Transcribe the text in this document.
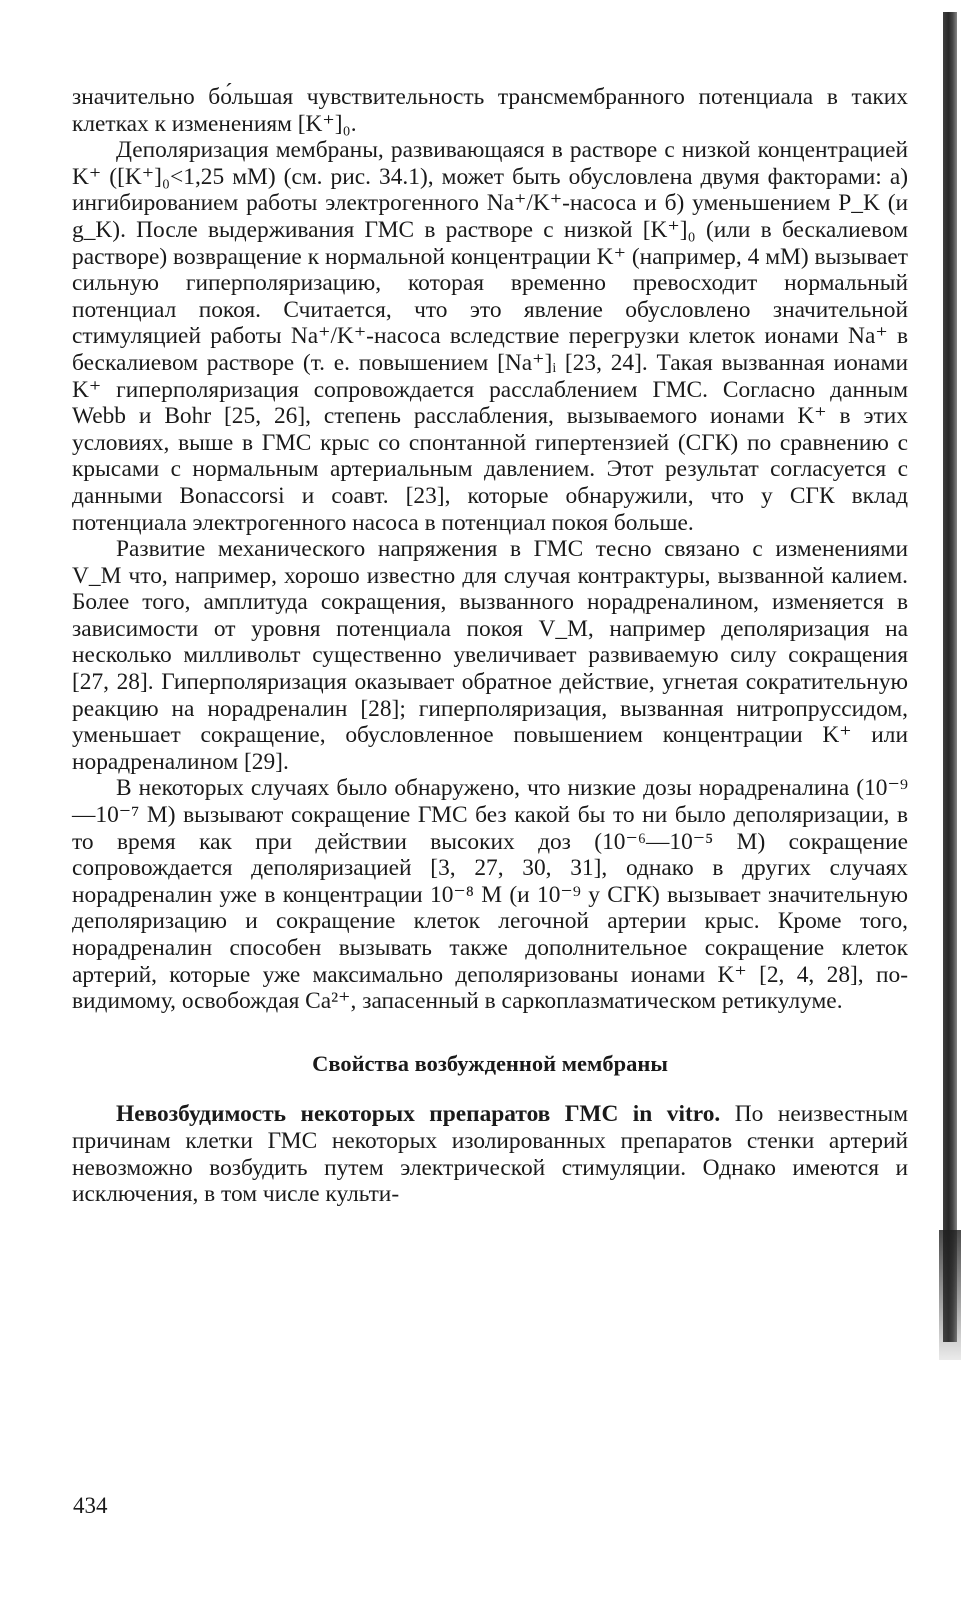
значительно бо́льшая чувствительность трансмембранного потенциала в таких клетках к изменениям [K⁺]₀.

Деполяризация мембраны, развивающаяся в растворе с низкой концентрацией K⁺ ([K⁺]₀<1,25 мМ) (см. рис. 34.1), может быть обусловлена двумя факторами: а) ингибированием работы электрогенного Na⁺/K⁺-насоса и б) уменьшением P_K (и g_K). После выдерживания ГМС в растворе с низкой [K⁺]₀ (или в бескалиевом растворе) возвращение к нормальной концентрации K⁺ (например, 4 мМ) вызывает сильную гиперполяризацию, которая временно превосходит нормальный потенциал покоя. Считается, что это явление обусловлено значительной стимуляцией работы Na⁺/K⁺-насоса вследствие перегрузки клеток ионами Na⁺ в бескалиевом растворе (т. е. повышением [Na⁺]ᵢ [23, 24]. Такая вызванная ионами K⁺ гиперполяризация сопровождается расслаблением ГМС. Согласно данным Webb и Bohr [25, 26], степень расслабления, вызываемого ионами K⁺ в этих условиях, выше в ГМС крыс со спонтанной гипертензией (СГК) по сравнению с крысами с нормальным артериальным давлением. Этот результат согласуется с данными Bonaccorsi и соавт. [23], которые обнаружили, что у СГК вклад потенциала электрогенного насоса в потенциал покоя больше.

Развитие механического напряжения в ГМС тесно связано с изменениями V_M что, например, хорошо известно для случая контрактуры, вызванной калием. Более того, амплитуда сокращения, вызванного норадреналином, изменяется в зависимости от уровня потенциала покоя V_M, например деполяризация на несколько милливольт существенно увеличивает развиваемую силу сокращения [27, 28]. Гиперполяризация оказывает обратное действие, угнетая сократительную реакцию на норадреналин [28]; гиперполяризация, вызванная нитропруссидом, уменьшает сокращение, обусловленное повышением концентрации K⁺ или норадреналином [29].

В некоторых случаях было обнаружено, что низкие дозы норадреналина (10⁻⁹—10⁻⁷ М) вызывают сокращение ГМС без какой бы то ни было деполяризации, в то время как при действии высоких доз (10⁻⁶—10⁻⁵ М) сокращение сопровождается деполяризацией [3, 27, 30, 31], однако в других случаях норадреналин уже в концентрации 10⁻⁸ М (и 10⁻⁹ у СГК) вызывает значительную деполяризацию и сокращение клеток легочной артерии крыс. Кроме того, норадреналин способен вызывать также дополнительное сокращение клеток артерий, которые уже максимально деполяризованы ионами K⁺ [2, 4, 28], по-видимому, освобождая Ca²⁺, запасенный в саркоплазматическом ретикулуме.

Свойства возбужденной мембраны

Невозбудимость некоторых препаратов ГМС in vitro. По неизвестным причинам клетки ГМС некоторых изолированных препаратов стенки артерий невозможно возбудить путем электрической стимуляции. Однако имеются и исключения, в том числе культи-

434
